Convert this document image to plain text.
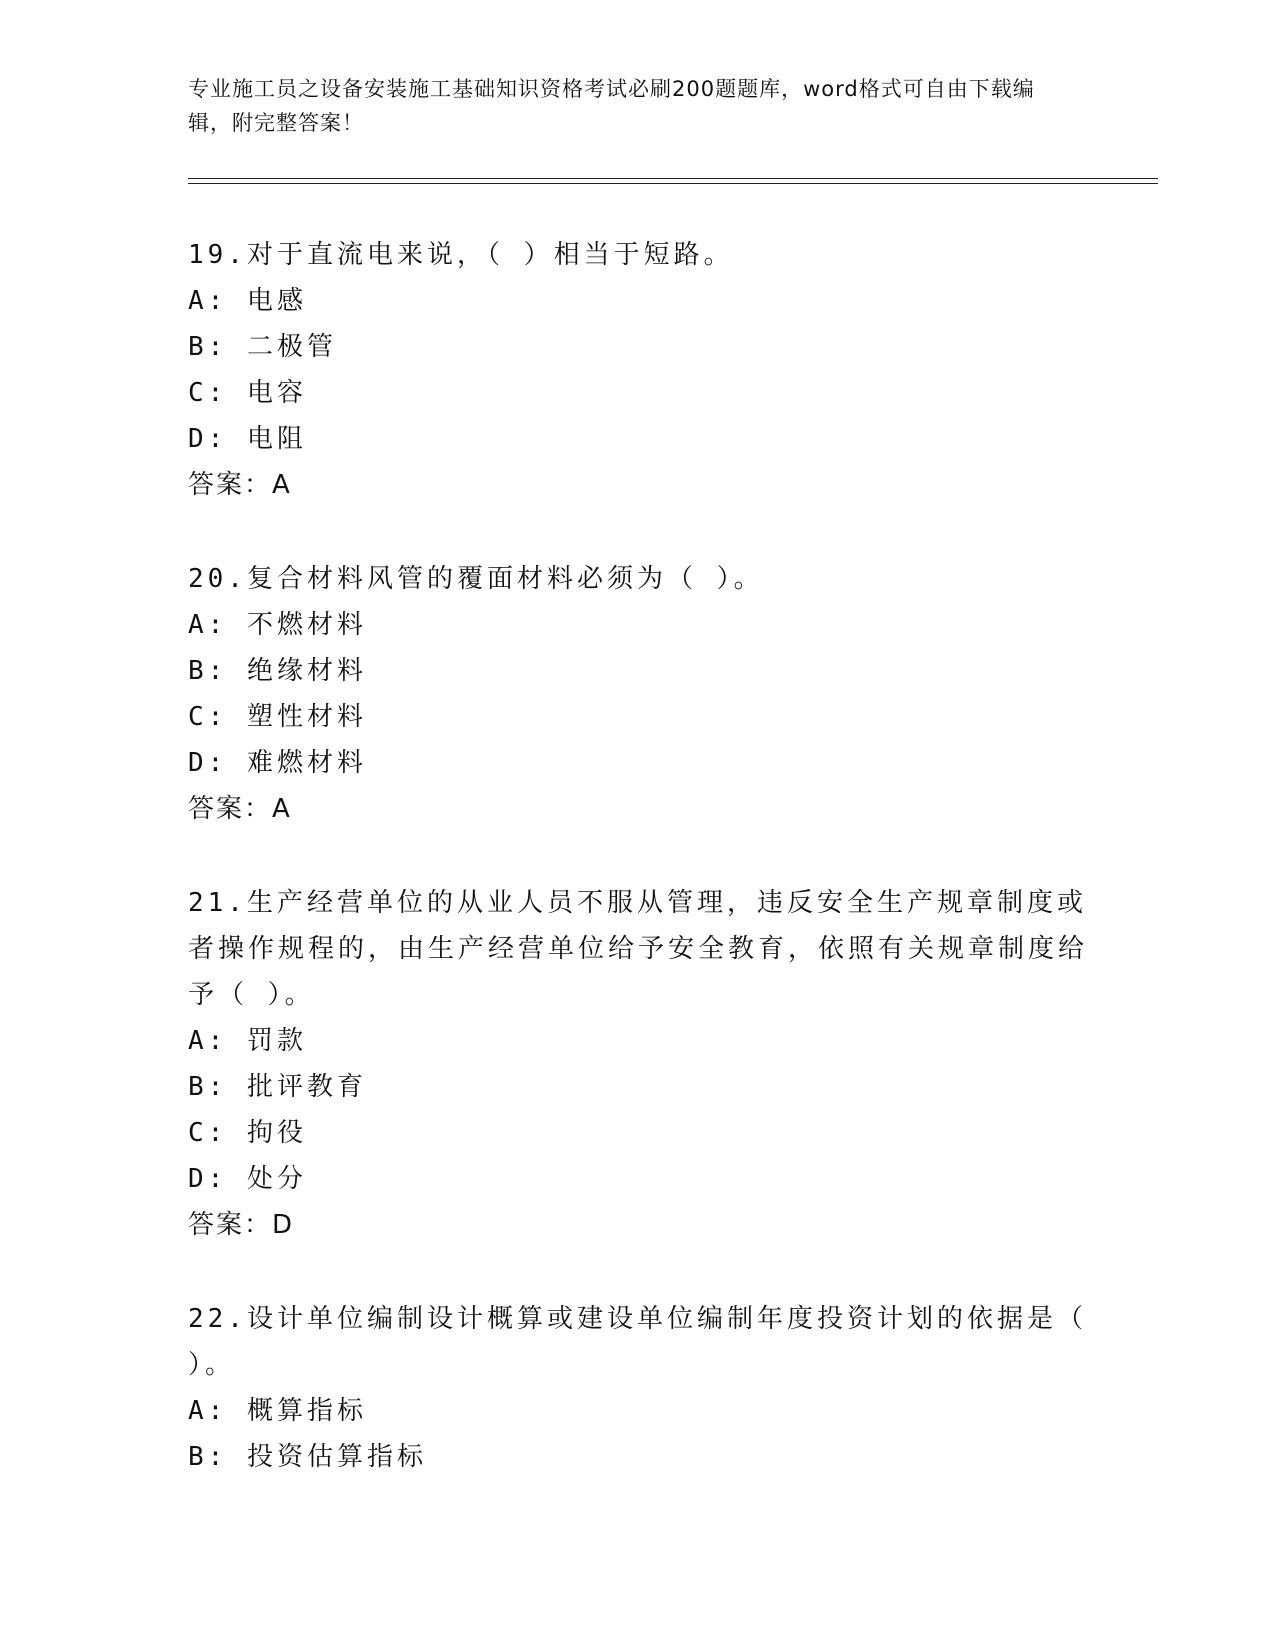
专业施工员之设备安装施工基础知识资格考试必刷200题题库，word格式可自由下载编辑，附完整答案！
19.对于直流电来说，（ ）相当于短路。
A: 电感
B: 二极管
C: 电容
D: 电阻
答案：A
20.复合材料风管的覆面材料必须为（ ）。
A: 不燃材料
B: 绝缘材料
C: 塑性材料
D: 难燃材料
答案：A
21.生产经营单位的从业人员不服从管理，违反安全生产规章制度或者操作规程的，由生产经营单位给予安全教育，依照有关规章制度给予（ ）。
A: 罚款
B: 批评教育
C: 拘役
D: 处分
答案：D
22.设计单位编制设计概算或建设单位编制年度投资计划的依据是（ ）。
A: 概算指标
B: 投资估算指标
